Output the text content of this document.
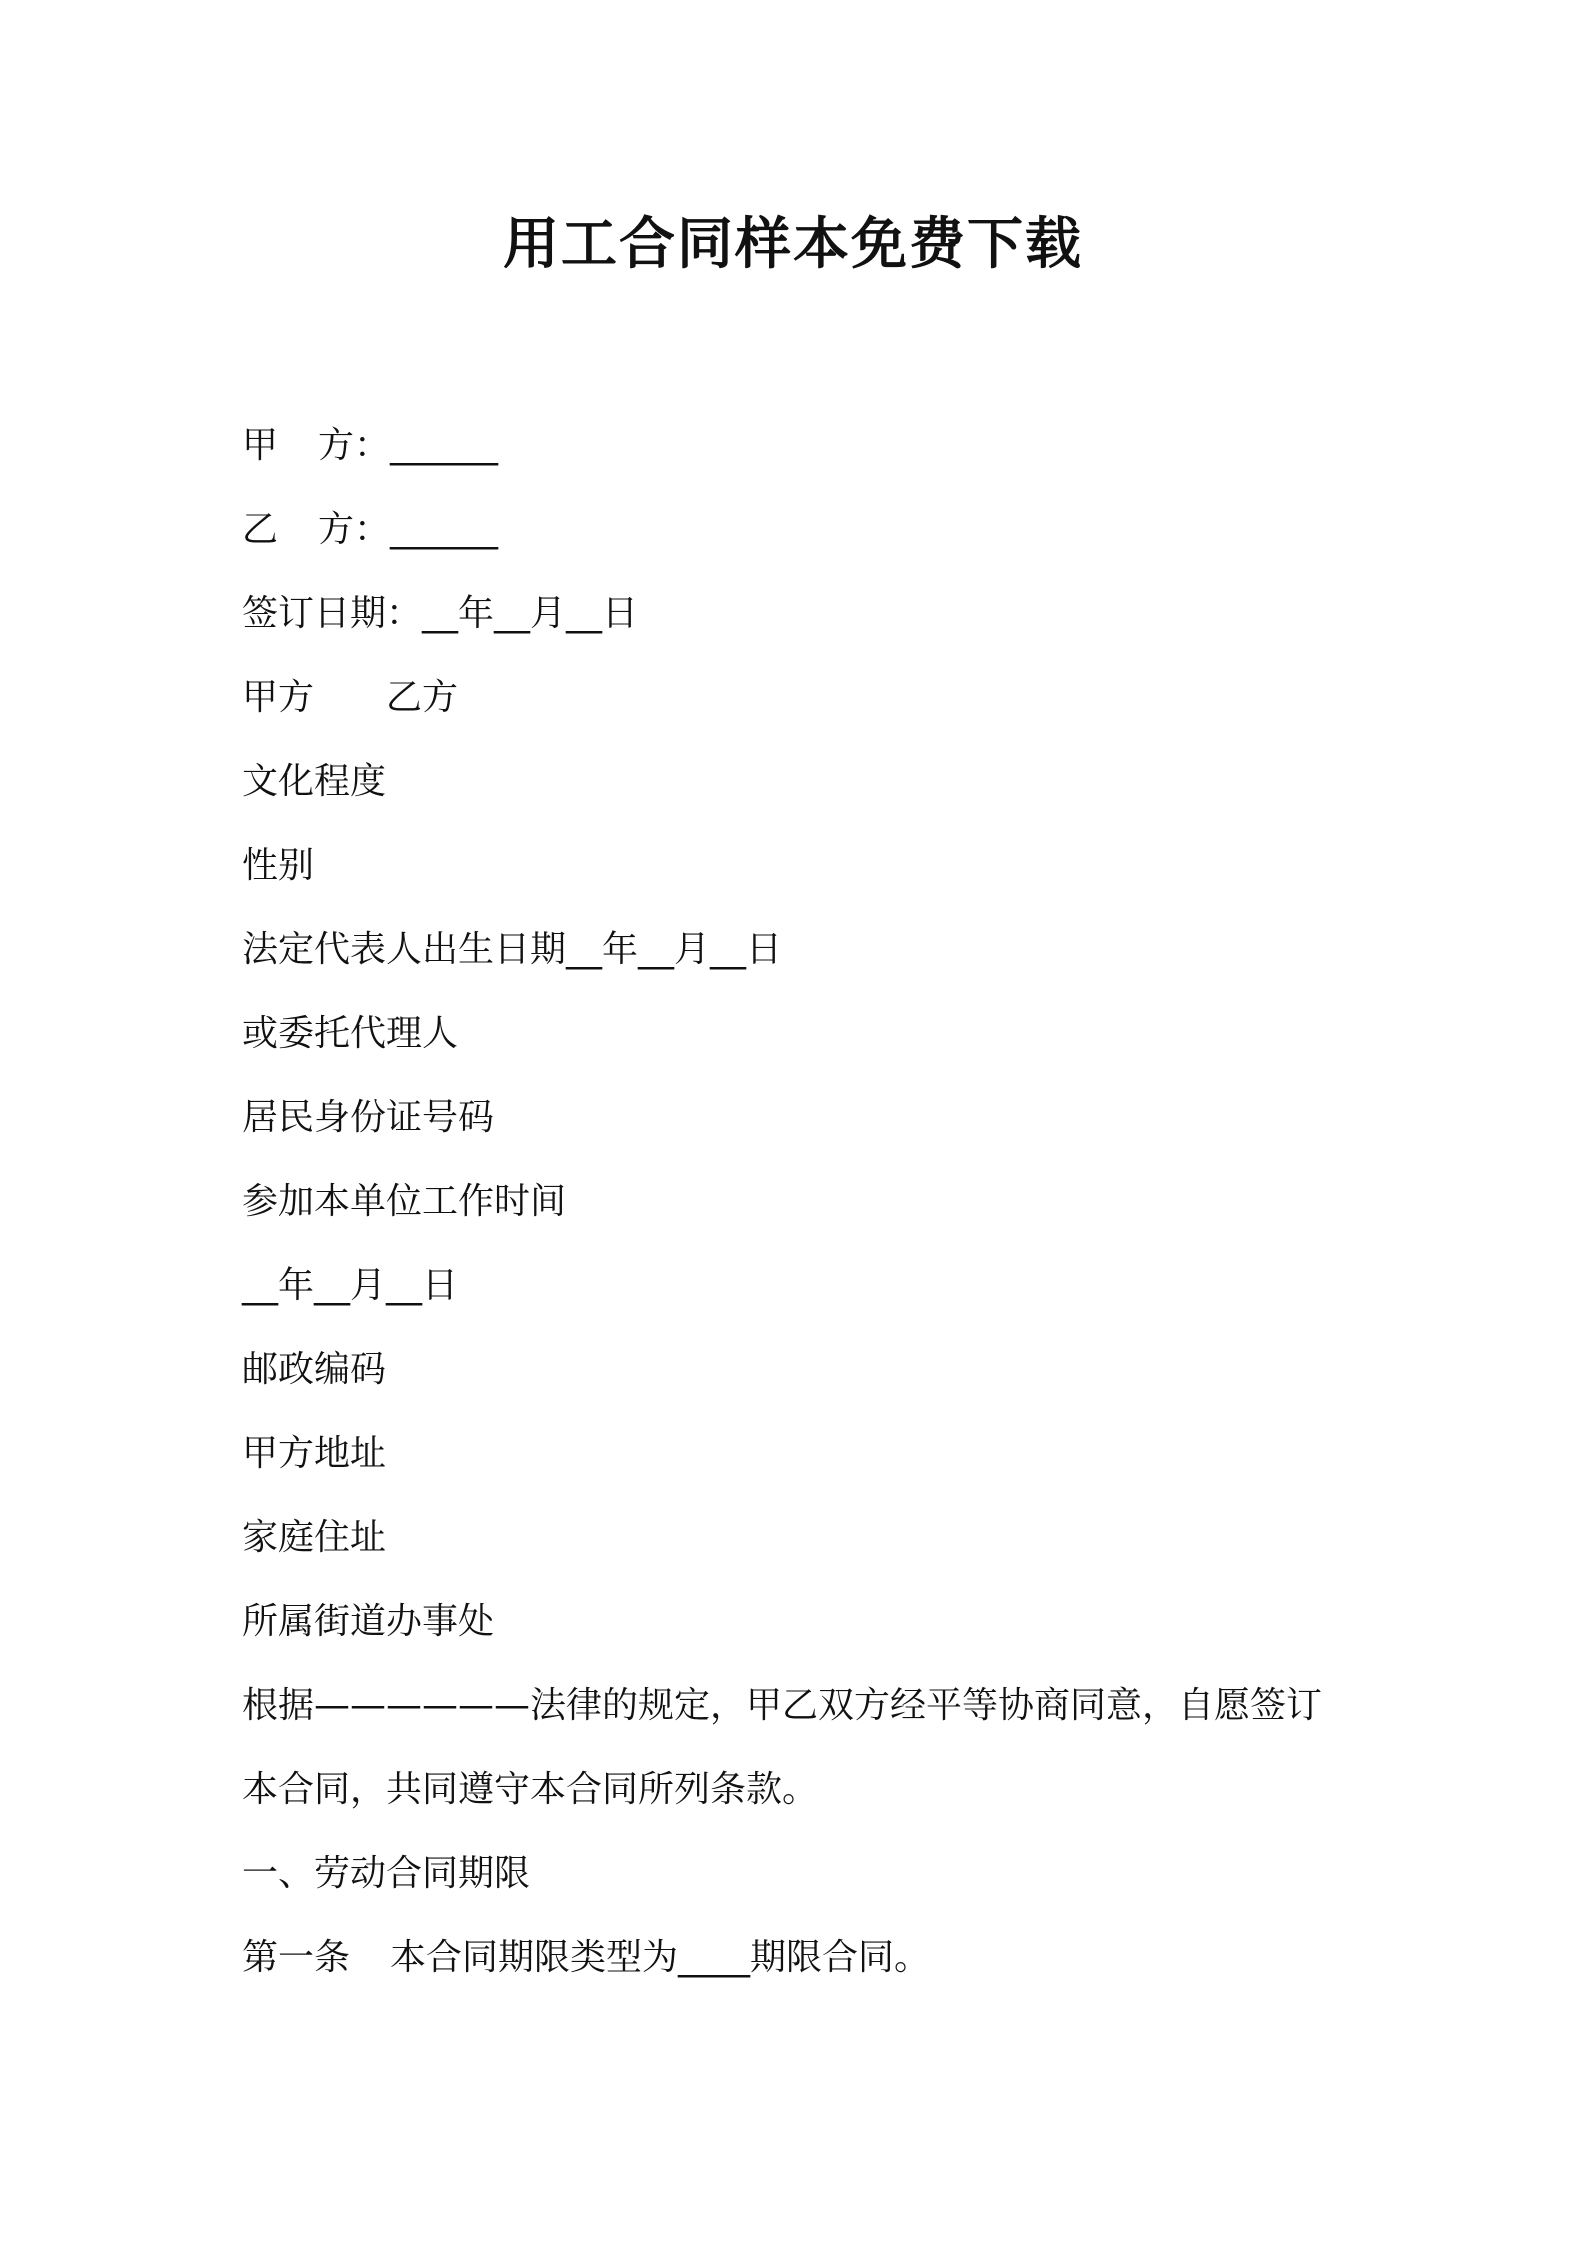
用工合同样本免费下载

甲 方：______

乙 方：______

签订日期：__年__月__日

甲方 乙方

文化程度

性别

法定代表人出生日期__年__月__日

或委托代理人

居民身份证号码

参加本单位工作时间

__年__月__日

邮政编码

甲方地址

家庭住址

所属街道办事处

根据——————法律的规定，甲乙双方经平等协商同意，自愿签订

本合同，共同遵守本合同所列条款。

一、劳动合同期限

第一条 本合同期限类型为____期限合同。
